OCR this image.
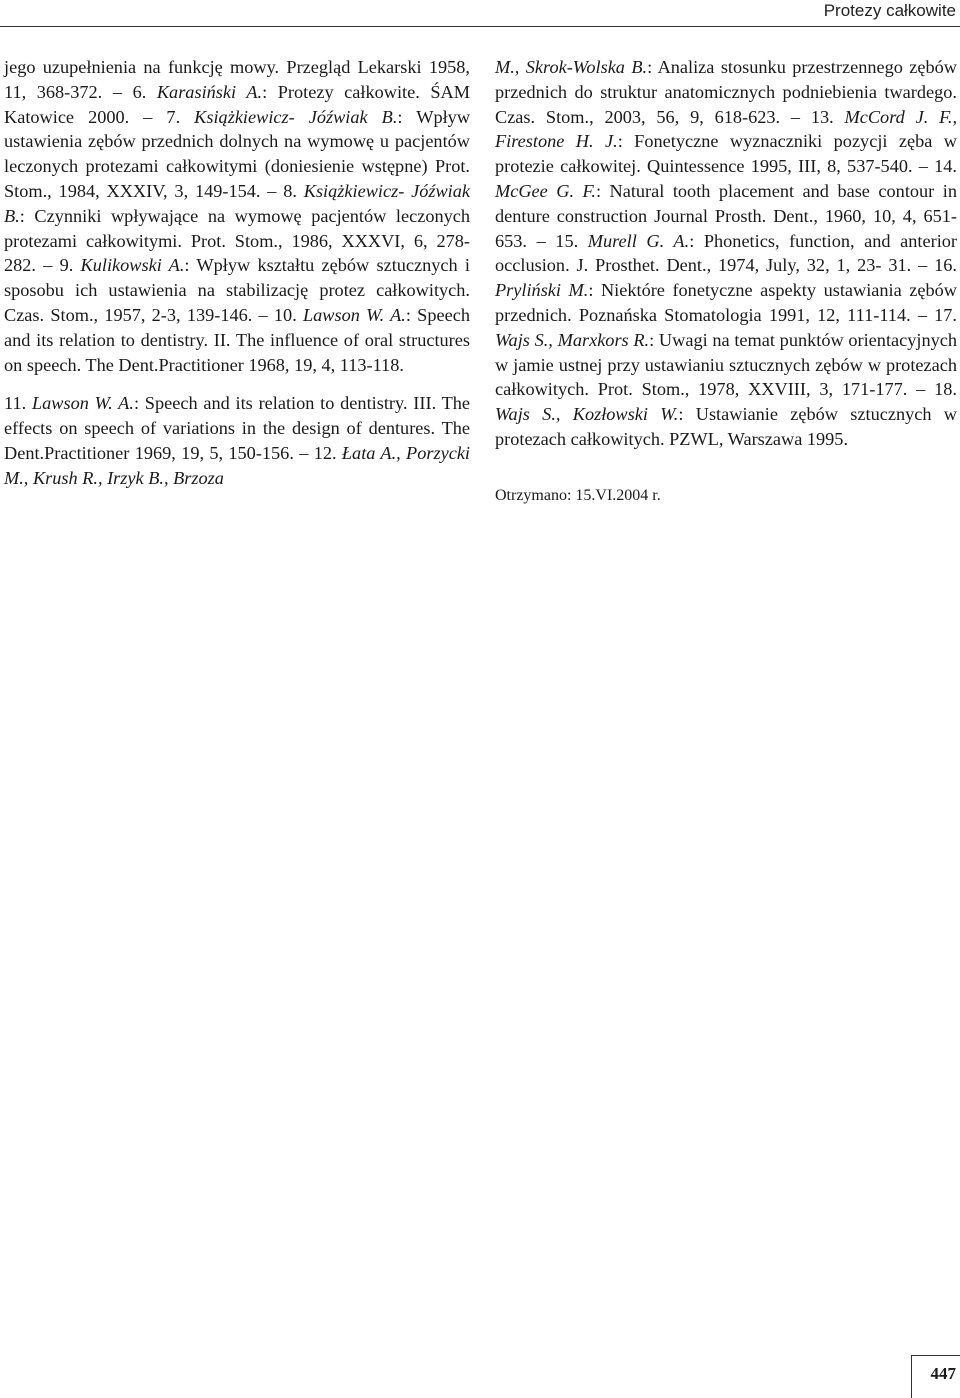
Protezy całkowite
jego uzupełnienia na funkcję mowy. Przegląd Lekarski 1958, 11, 368-372. – 6. Karasiński A.: Protezy całkowite. ŚAM Katowice 2000. – 7. Książkiewicz- Jóźwiak B.: Wpływ ustawienia zębów przednich dolnych na wymowę u pacjentów leczonych protezami całkowitymi (doniesienie wstępne) Prot. Stom., 1984, XXXIV, 3, 149-154. – 8. Książkiewicz- Jóźwiak B.: Czynniki wpływające na wymowę pacjentów leczonych protezami całkowitymi. Prot. Stom., 1986, XXXVI, 6, 278-282. – 9. Kulikowski A.: Wpływ kształtu zębów sztucznych i sposobu ich ustawienia na stabilizację protez całkowitych. Czas. Stom., 1957, 2-3, 139-146. – 10. Lawson W. A.: Speech and its relation to dentistry. II. The influence of oral structures on speech. The Dent.Practitioner 1968, 19, 4, 113-118.
11. Lawson W. A.: Speech and its relation to dentistry. III. The effects on speech of variations in the design of dentures. The Dent.Practitioner 1969, 19, 5, 150-156. – 12. Łata A., Porzycki M., Krush R., Irzyk B., Brzoza
M., Skrok-Wolska B.: Analiza stosunku przestrzennego zębów przednich do struktur anatomicznych podniebienia twardego. Czas. Stom., 2003, 56, 9, 618-623. – 13. McCord J. F., Firestone H. J.: Fonetyczne wyznaczniki pozycji zęba w protezie całkowitej. Quintessence 1995, III, 8, 537-540. – 14. McGee G. F.: Natural tooth placement and base contour in denture construction Journal Prosth. Dent., 1960, 10, 4, 651-653. – 15. Murell G. A.: Phonetics, function, and anterior occlusion. J. Prosthet. Dent., 1974, July, 32, 1, 23- 31. – 16. Pryliński M.: Niektóre fonetyczne aspekty ustawiania zębów przednich. Poznańska Stomatologia 1991, 12, 111-114. – 17. Wajs S., Marxkors R.: Uwagi na temat punktów orientacyjnych w jamie ustnej przy ustawianiu sztucznych zębów w protezach całkowitych. Prot. Stom., 1978, XXVIII, 3, 171-177. – 18. Wajs S., Kozłowski W.: Ustawianie zębów sztucznych w protezach całkowitych. PZWL, Warszawa 1995.
Otrzymano: 15.VI.2004 r.
447
